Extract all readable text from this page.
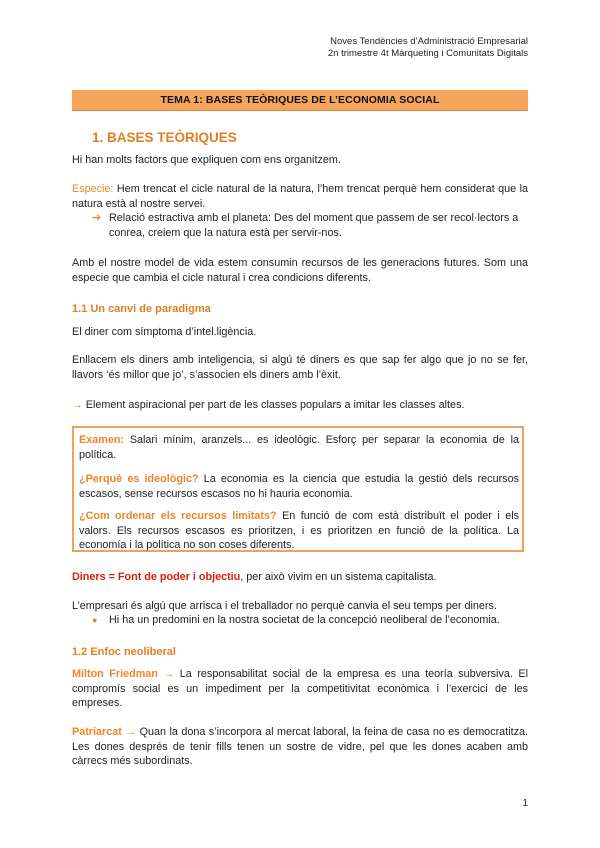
Noves Tendències d’Administració Empresarial
2n trimestre 4t Màrqueting i Comunitats Digitals
TEMA 1: BASES TEÒRIQUES DE L’ECONOMIA SOCIAL
1. BASES TEÒRIQUES
Hi han molts factors que expliquen com ens organitzem.
Especie: Hem trencat el cicle natural de la natura, l’hem trencat perquè hem considerat que la natura està al nostre servei.
➔ Relació estractiva amb el planeta: Des del moment que passem de ser recol·lectors a conrea, creiem que la natura està per servir-nos.
Amb el nostre model de vida estem consumin recursos de les generacions futures. Som una especie que cambia el cicle natural i crea condicions diferents.
1.1 Un canvi de paradigma
El diner com símptoma d’intel.ligència.
Enllacem els diners amb inteligencia, si algú té diners es que sap fer algo que jo no se fer, llavors ‘és millor que jo’, s’associen els diners amb l’èxit.
→ Element aspiracional per part de les classes populars a imitar les classes altes.
Examen: Salari mínim, aranzels... es ideològic. Esforç per separar la economia de la política.
¿Perquè es ideològic? La economia es la ciencia que estudia la gestió dels recursos escasos, sense recursos escasos no hi hauria economia.
¿Com ordenar els recursos limitats? En funció de com està distribuït el poder i els valors. Els recursos escasos es prioritzen, i es prioritzen en funció de la política. La economía i la política no son coses diferents.
Diners = Font de poder i objectiu, per això vivim en un sistema capitalista.
L’empresari és algú que arrisca i el treballador no perquè canvia el seu temps per diners.
● Hi ha un predomini en la nostra societat de la concepció neoliberal de l’economia.
1.2 Enfoc neoliberal
Milton Friedman → La responsabilitat social de la empresa es una teoría subversiva. El compromís social es un impediment per la competitivitat econòmica i l’exercici de les empreses.
Patriarcat → Quan la dona s’incorpora al mercat laboral, la feina de casa no es democratitza. Les dones després de tenir fills tenen un sostre de vidre, pel que les dones acaben amb càrrecs més subordinats.
1
